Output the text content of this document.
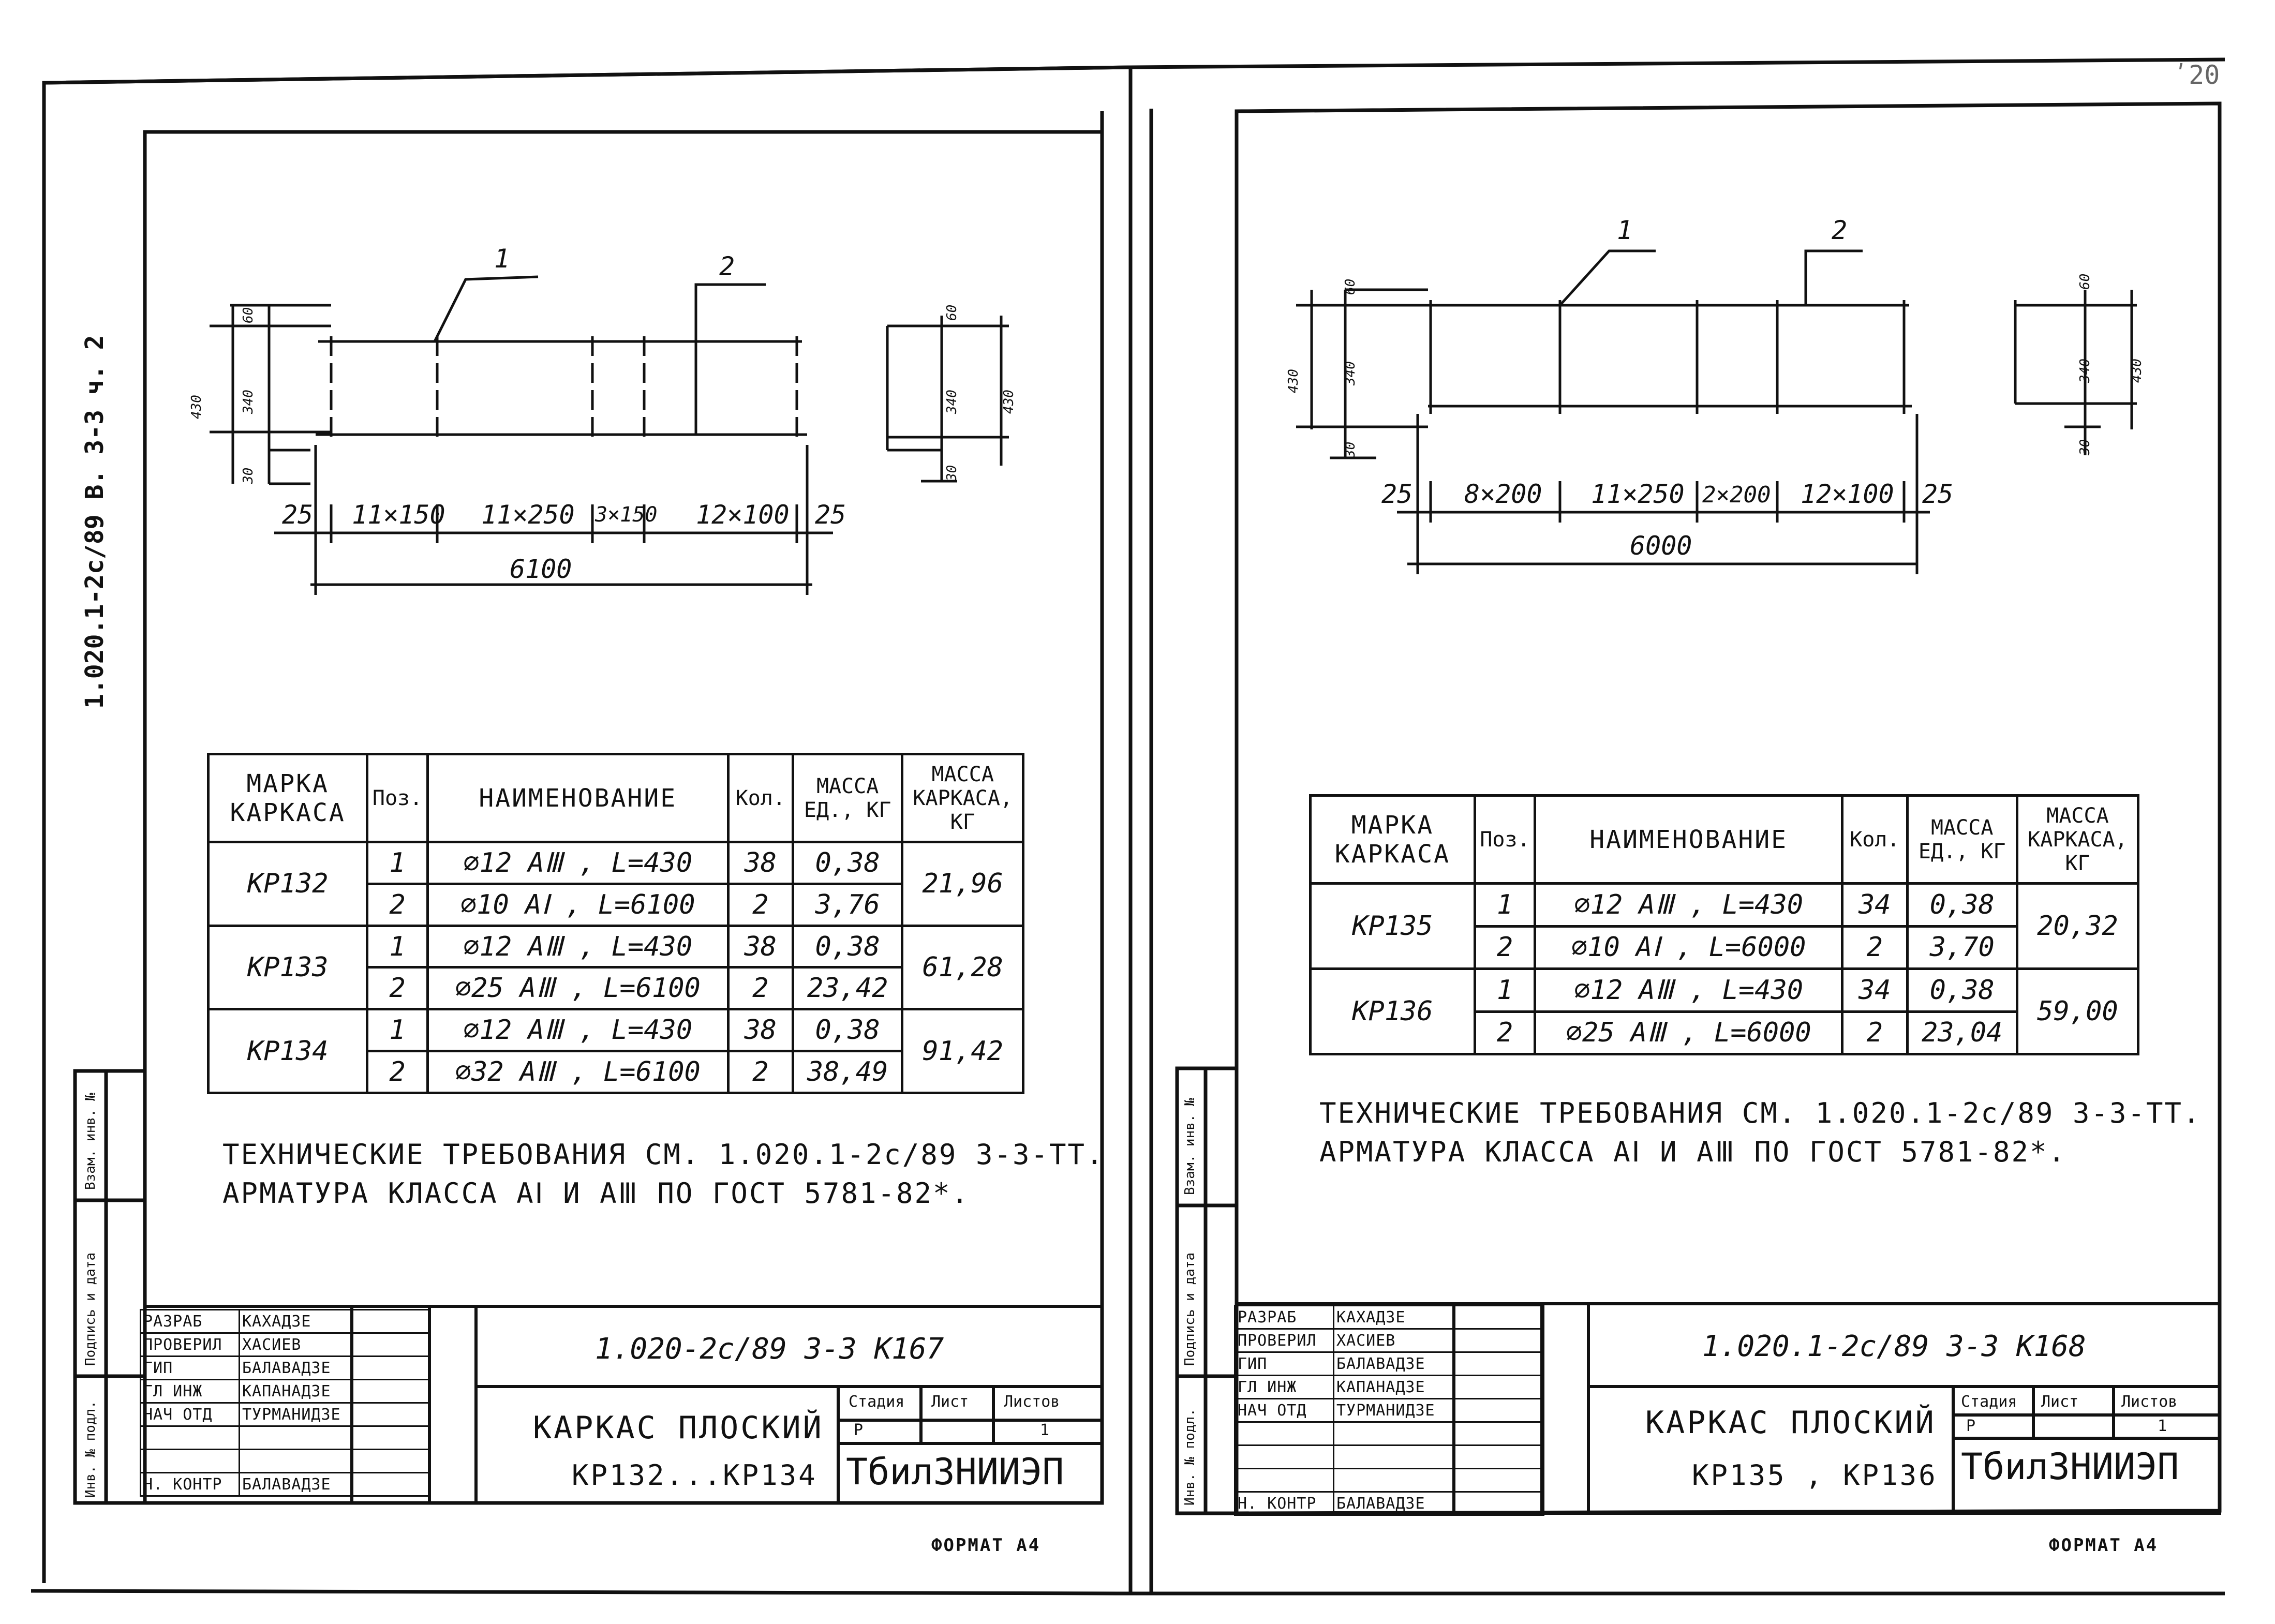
1.020.1-2c/89 В. 3-3 ч. 2
ʹ20
1	2
430	340
60
30
60
340	430
30
25 11×150 11×250 3×150 12×100 25
6100
МАРКА КАРКАСА	Поз.	НАИМЕНОВАНИЕ	Кол.	МАССА ЕД., КГ	МАССА КАРКАСА, КГ
КР132	1	⌀12 АⅢ , L=430	38	0,38	21,96
	2	⌀10 АⅠ , L=6100	2	3,76	
КР133	1	⌀12 АⅢ , L=430	38	0,38	61,28
	2	⌀25 АⅢ , L=6100	2	23,42	
КР134	1	⌀12 АⅢ , L=430	38	0,38	91,42
	2	⌀32 АⅢ , L=6100	2	38,49	
ТЕХНИЧЕСКИЕ ТРЕБОВАНИЯ СМ. 1.020.1-2с/89 3-3-ТТ.
АРМАТУРА КЛАССА АⅠ И АⅢ ПО ГОСТ 5781-82*.
Взам. инв. №
Подпись и дата
Инв. № подл.
РАЗРАБ	КАХАДЗЕ
ПРОВЕРИЛ	ХАСИЕВ
ГИП	БАЛАВАДЗЕ
ГЛ ИНЖ	КАПАНАДЗЕ
НАЧ ОТД	ТУРМАНИДЗЕ

Н. КОНТР	БАЛАВАДЗЕ
1.020-2с/89 3-3 К167
КАРКАС ПЛОСКИЙ
КР132...КР134
Стадия Лист Листов
Р	1
ТбилЗНИИЭП
ФОРМАТ А4
1	2
430	340
60
30
60
340	430
30
25 8×200 11×250 2×200 12×100 25
6000
МАРКА КАРКАСА	Поз.	НАИМЕНОВАНИЕ	Кол.	МАССА ЕД., КГ	МАССА КАРКАСА, КГ
КР135	1	⌀12 АⅢ , L=430	34	0,38	20,32
	2	⌀10 АⅠ , L=6000	2	3,70	
КР136	1	⌀12 АⅢ , L=430	34	0,38	59,00
	2	⌀25 АⅢ , L=6000	2	23,04	
ТЕХНИЧЕСКИЕ ТРЕБОВАНИЯ СМ. 1.020.1-2с/89 3-3-ТТ.
АРМАТУРА КЛАССА АⅠ И АⅢ ПО ГОСТ 5781-82*.
Взам. инв. №
Подпись и дата
Инв. № подл.
РАЗРАБ	КАХАДЗЕ
ПРОВЕРИЛ	ХАСИЕВ
ГИП	БАЛАВАДЗЕ
ГЛ ИНЖ	КАПАНАДЗЕ
НАЧ ОТД	ТУРМАНИДЗЕ

Н. КОНТР	БАЛАВАДЗЕ
1.020.1-2с/89 3-3 К168
КАРКАС ПЛОСКИЙ
КР135 , КР136
Стадия Лист	Листов
Р	1
ТбилЗНИИЭП
ФОРМАТ А4
